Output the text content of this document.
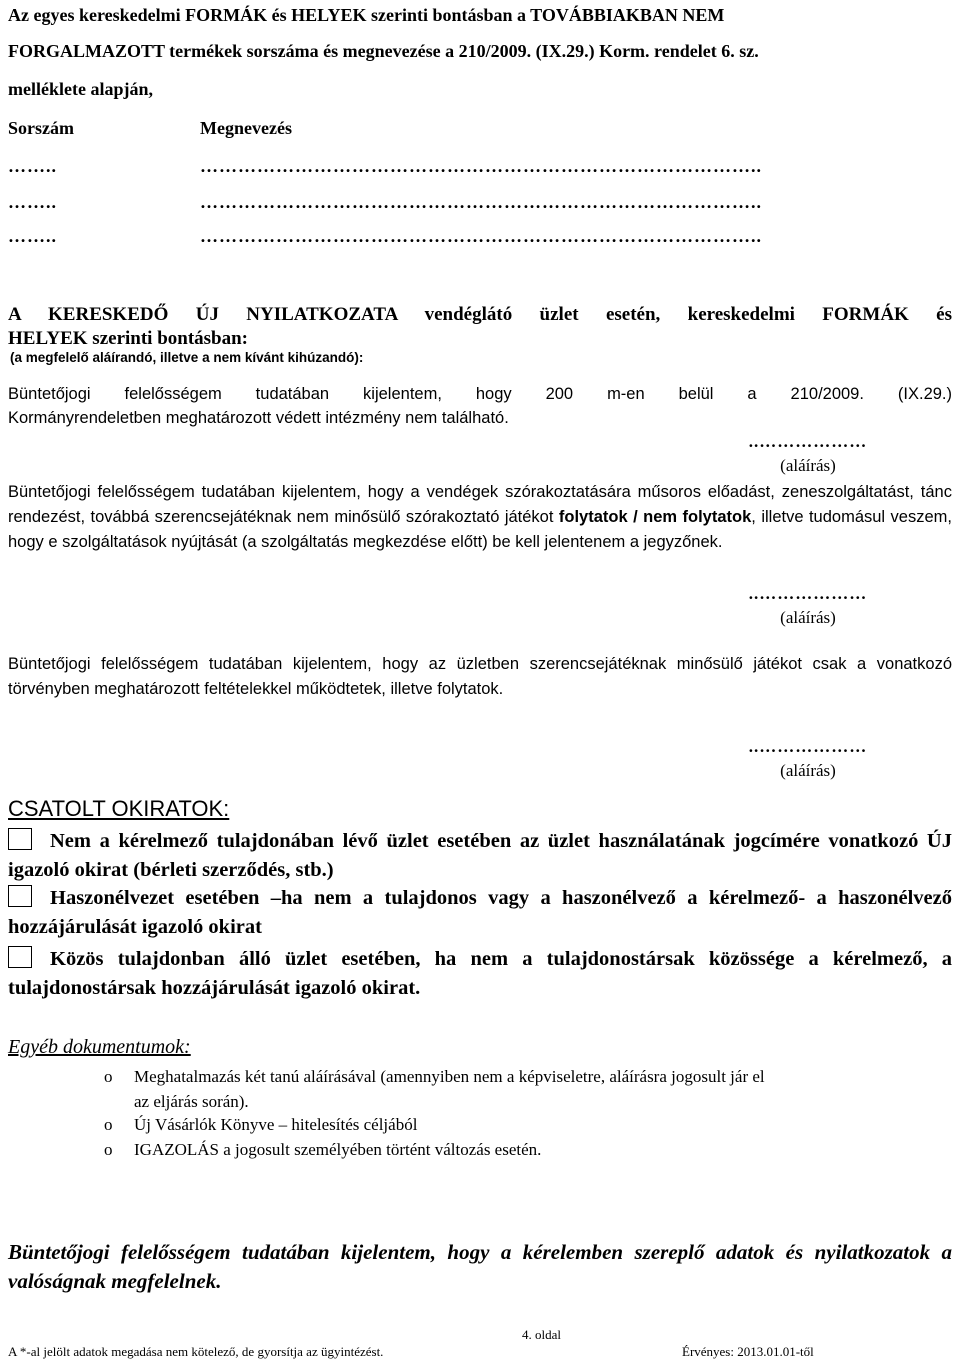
Az egyes kereskedelmi FORMÁK és HELYEK szerinti bontásban a TOVÁBBIAKBAN NEM
FORGALMAZOTT termékek sorszáma és megnevezése a 210/2009. (IX.29.) Korm. rendelet 6. sz.
melléklete alapján,
Sorszám	Megnevezés
……..	……………………………………………………………………………..
……..	……………………………………………………………………………..
……..	……………………………………………………………………………..
A KERESKEDŐ ÚJ NYILATKOZATA vendéglátó üzlet esetén, kereskedelmi FORMÁK és
HELYEK szerinti bontásban:
(a megfelelő aláírandó, illetve a nem kívánt kihúzandó):
Büntetőjogi felelősségem tudatában kijelentem, hogy 200 m-en belül a 210/2009. (IX.29.)
Kormányrendeletben meghatározott védett intézmény nem található.
..………………
(aláírás)
Büntetőjogi felelősségem tudatában kijelentem, hogy a vendégek szórakoztatására műsoros előadást, zeneszolgáltatást, tánc rendezést, továbbá szerencsejátéknak nem minősülő szórakoztató játékot folytatok / nem folytatok, illetve tudomásul veszem, hogy e szolgáltatások nyújtását (a szolgáltatás megkezdése előtt) be kell jelentenem a jegyzőnek.
..………………
(aláírás)
Büntetőjogi felelősségem tudatában kijelentem, hogy az üzletben szerencsejátéknak minősülő játékot csak a vonatkozó törvényben meghatározott feltételekkel működtetek, illetve folytatok.
..………………
(aláírás)
CSATOLT OKIRATOK:
Nem a kérelmező tulajdonában lévő üzlet esetében az üzlet használatának jogcímére vonatkozó ÚJ igazoló okirat (bérleti szerződés, stb.)
Haszonélvezet esetében –ha nem a tulajdonos vagy a haszonélvező a kérelmező- a haszonélvező hozzájárulását igazoló okirat
Közös tulajdonban álló üzlet esetében, ha nem a tulajdonostársak közössége a kérelmező, a tulajdonostársak hozzájárulását igazoló okirat.
Egyéb dokumentumok:
o Meghatalmazás két tanú aláírásával (amennyiben nem a képviseletre, aláírásra jogosult jár el
az eljárás során).
o Új Vásárlók Könyve – hitelesítés céljából
o IGAZOLÁS a jogosult személyében történt változás esetén.
Büntetőjogi felelősségem tudatában kijelentem, hogy a kérelemben szereplő adatok és nyilatkozatok a valóságnak megfelelnek.
4. oldal
A *-al jelölt adatok megadása nem kötelező, de gyorsítja az ügyintézést.	Érvényes: 2013.01.01-től
